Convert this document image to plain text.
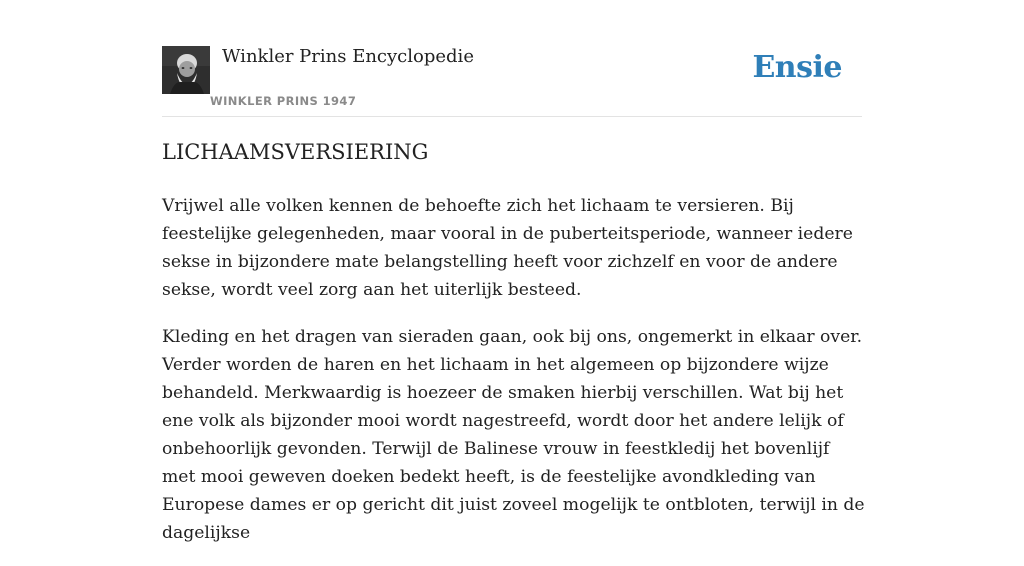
Winkler Prins Encyclopedie
WINKLER PRINS 1947
Ensie
LICHAAMSVERSIERING

Vrijwel alle volken kennen de behoefte zich het lichaam te versieren. Bij feestelijke gelegenheden, maar vooral in de puberteitsperiode, wanneer iedere sekse in bijzondere mate belangstelling heeft voor zichzelf en voor de andere sekse, wordt veel zorg aan het uiterlijk besteed.

Kleding en het dragen van sieraden gaan, ook bij ons, ongemerkt in elkaar over. Verder worden de haren en het lichaam in het algemeen op bijzondere wijze behandeld. Merkwaardig is hoezeer de smaken hierbij verschillen. Wat bij het ene volk als bijzonder mooi wordt nagestreefd, wordt door het andere lelijk of onbehoorlijk gevonden. Terwijl de Balinese vrouw in feestkledij het bovenlijf met mooi geweven doeken bedekt heeft, is de feestelijke avondkleding van Europese dames er op gericht dit juist zoveel mogelijk te ontbloten, terwijl in de dagelijkse
